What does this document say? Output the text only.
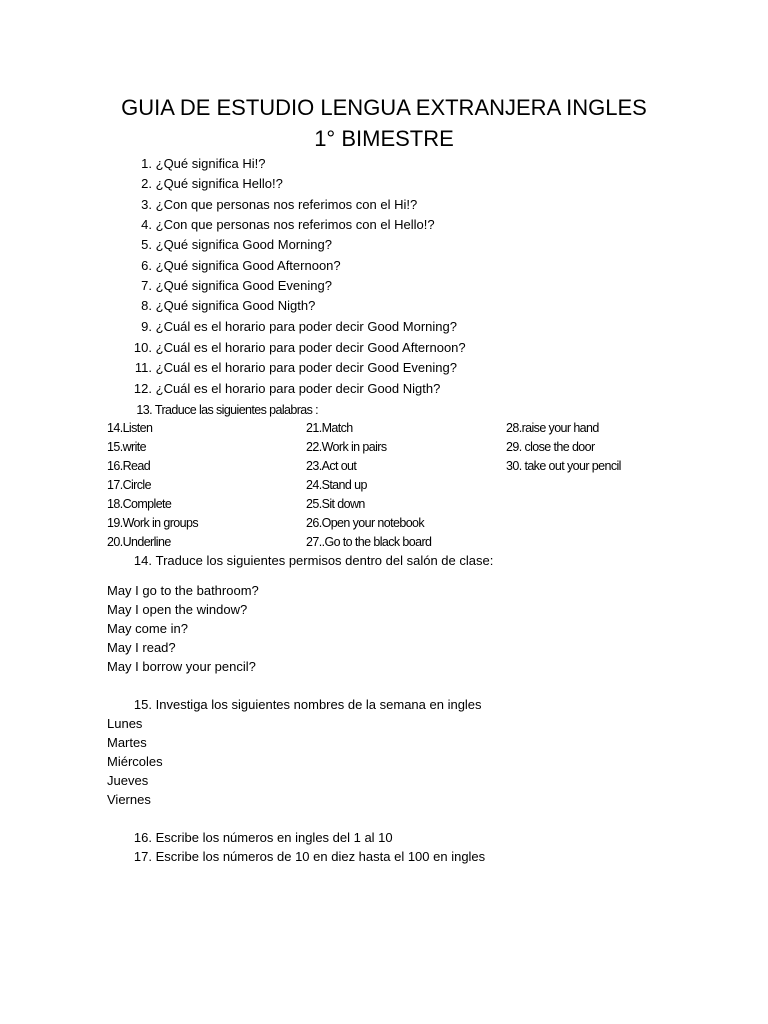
GUIA DE ESTUDIO LENGUA EXTRANJERA INGLES
1° BIMESTRE
1. ¿Qué significa Hi!?
2. ¿Qué significa Hello!?
3. ¿Con que personas nos referimos con el Hi!?
4. ¿Con que personas nos referimos con el Hello!?
5. ¿Qué significa Good Morning?
6. ¿Qué significa Good Afternoon?
7. ¿Qué significa Good Evening?
8. ¿Qué significa Good Nigth?
9. ¿Cuál es el horario para poder decir Good Morning?
10. ¿Cuál es el horario para poder decir Good Afternoon?
11. ¿Cuál es el horario para poder decir Good Evening?
12. ¿Cuál es el horario para poder decir Good Nigth?
13. Traduce las siguientes palabras :
14.Listen
15.write
16.Read
17.Circle
18.Complete
19.Work in groups
20.Underline
21.Match
22.Work in pairs
23.Act out
24.Stand up
25.Sit down
26.Open your notebook
27..Go to the black board
28.raise your hand
29. close the door
30. take out your pencil
14. Traduce los siguientes permisos dentro del salón de clase:
May I go to the bathroom?
May I open the window?
May come in?
May I read?
May I borrow your pencil?
15. Investiga los siguientes nombres de la semana en ingles
Lunes
Martes
Miércoles
Jueves
Viernes
16. Escribe los números en ingles del 1 al 10
17. Escribe los números de 10 en diez hasta el 100 en ingles
